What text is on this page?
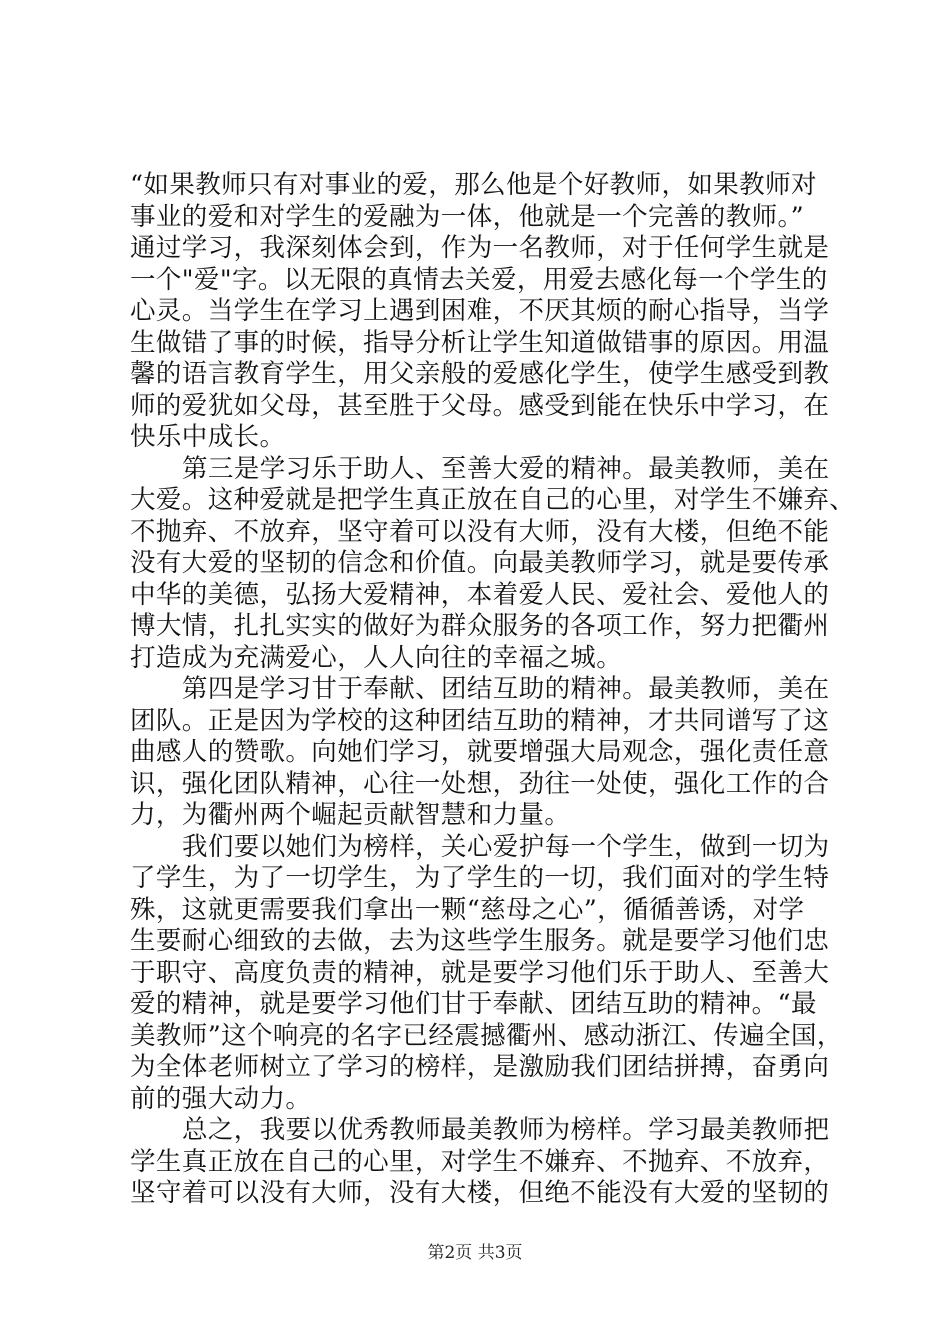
“如果教师只有对事业的爱，那么他是个好教师，如果教师对
事业的爱和对学生的爱融为一体，他就是一个完善的教师。”
通过学习，我深刻体会到，作为一名教师，对于任何学生就是
一个"爱"字。以无限的真情去关爱，用爱去感化每一个学生的
心灵。当学生在学习上遇到困难，不厌其烦的耐心指导，当学
生做错了事的时候，指导分析让学生知道做错事的原因。用温
馨的语言教育学生，用父亲般的爱感化学生，使学生感受到教
师的爱犹如父母，甚至胜于父母。感受到能在快乐中学习，在
快乐中成长。
第三是学习乐于助人、至善大爱的精神。最美教师，美在
大爱。这种爱就是把学生真正放在自己的心里，对学生不嫌弃、
不抛弃、不放弃，坚守着可以没有大师，没有大楼，但绝不能
没有大爱的坚韧的信念和价值。向最美教师学习，就是要传承
中华的美德，弘扬大爱精神，本着爱人民、爱社会、爱他人的
博大情，扎扎实实的做好为群众服务的各项工作，努力把衢州
打造成为充满爱心，人人向往的幸福之城。
第四是学习甘于奉献、团结互助的精神。最美教师，美在
团队。正是因为学校的这种团结互助的精神，才共同谱写了这
曲感人的赞歌。向她们学习，就要增强大局观念，强化责任意
识，强化团队精神，心往一处想，劲往一处使，强化工作的合
力，为衢州两个崛起贡献智慧和力量。
我们要以她们为榜样，关心爱护每一个学生，做到一切为
了学生，为了一切学生，为了学生的一切，我们面对的学生特
殊，这就更需要我们拿出一颗“慈母之心”，循循善诱，对学
生要耐心细致的去做，去为这些学生服务。就是要学习他们忠
于职守、高度负责的精神，就是要学习他们乐于助人、至善大
爱的精神，就是要学习他们甘于奉献、团结互助的精神。“最
美教师”这个响亮的名字已经震撼衢州、感动浙江、传遍全国，
为全体老师树立了学习的榜样，是激励我们团结拼搏，奋勇向
前的强大动力。
总之，我要以优秀教师最美教师为榜样。学习最美教师把
学生真正放在自己的心里，对学生不嫌弃、不抛弃、不放弃，
坚守着可以没有大师，没有大楼，但绝不能没有大爱的坚韧的
第2页 共3页
